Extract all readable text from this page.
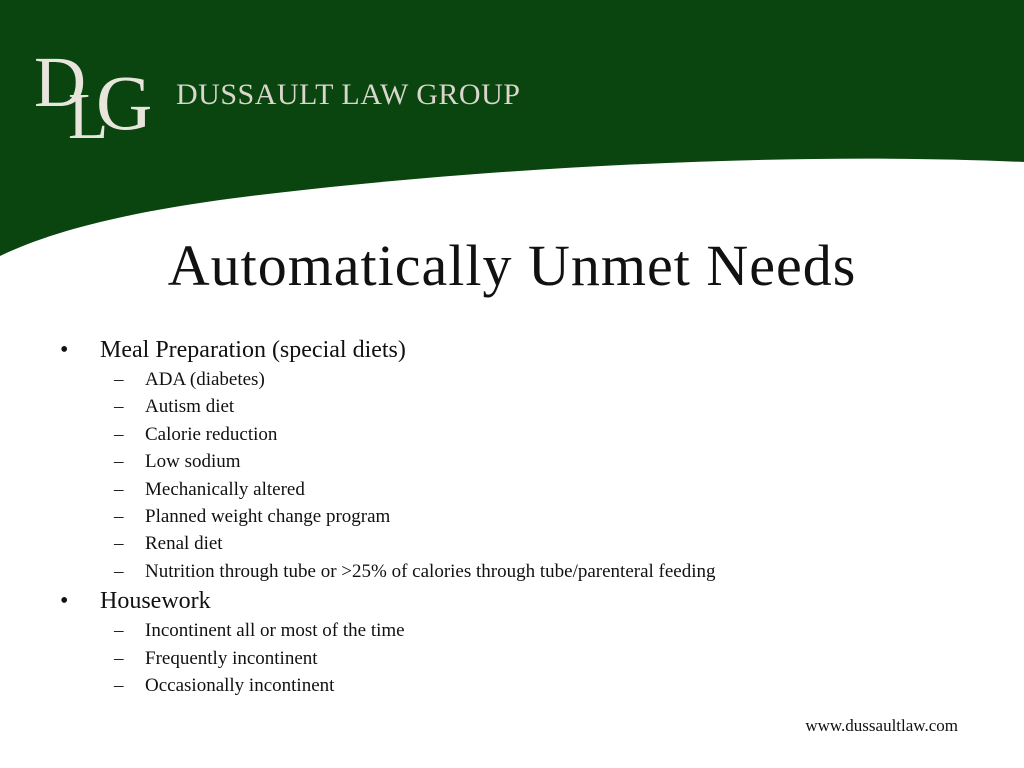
D
L
G DUSSAULT LAW GROUP
Automatically Unmet Needs
•	Meal Preparation (special diets)
– ADA (diabetes)
– Autism diet
– Calorie reduction
– Low sodium
– Mechanically altered
– Planned weight change program
– Renal diet
– Nutrition through tube or >25% of calories through tube/parenteral feeding
•	Housework
– Incontinent all or most of the time
– Frequently incontinent
– Occasionally incontinent
www.dussaultlaw.com
